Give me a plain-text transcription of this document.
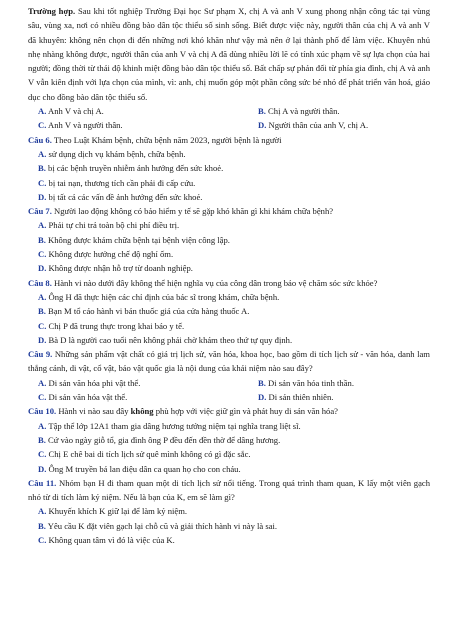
Trường hợp. Sau khi tốt nghiệp Trường Đại học Sư phạm X, chị A và anh V xung phong nhận công tác tại vùng sâu, vùng xa, nơi có nhiều đồng bào dân tộc thiểu số sinh sống. Biết được việc này, người thân của chị A và anh V đã khuyên: không nên chọn đi đến những nơi khó khăn như vậy mà nên ở lại thành phố để làm việc. Khuyên nhủ nhẹ nhàng không được, người thân của anh V và chị A đã dùng nhiều lời lẽ có tính xúc phạm về sự lựa chọn của hai người; đồng thời từ thái độ khinh miệt đồng bào dân tộc thiểu số. Bất chấp sự phản đối từ phía gia đình, chị A và anh V vẫn kiên định với lựa chọn của mình, vì: anh, chị muốn góp một phần công sức bé nhỏ để phát triển văn hoá, giáo dục cho đồng bào dân tộc thiểu số.

A. Anh V và chị A.	B. Chị A và người thân.

C. Anh V và người thân.	D. Người thân của anh V, chị A.

Câu 6. Theo Luật Khám bệnh, chữa bệnh năm 2023, người bệnh là người

A. sử dụng dịch vụ khám bệnh, chữa bệnh.

B. bị các bệnh truyền nhiễm ảnh hưởng đến sức khoẻ.

C. bị tai nạn, thương tích cần phải đi cấp cứu.

D. bị tất cả các vấn đề ảnh hưởng đến sức khoẻ.

Câu 7. Người lao động không có bảo hiểm y tế sẽ gặp khó khăn gì khi khám chữa bệnh?

A. Phải tự chi trả toàn bộ chi phí điều trị.

B. Không được khám chữa bệnh tại bệnh viện công lập.

C. Không được hưởng chế độ nghỉ ốm.

D. Không được nhận hỗ trợ từ doanh nghiệp.

Câu 8. Hành vi nào dưới đây không thể hiện nghĩa vụ của công dân trong bảo vệ chăm sóc sức khỏe?

A. Ông H đã thực hiện các chỉ định của bác sĩ trong khám, chữa bệnh.

B. Bạn M tổ cáo hành vi bán thuốc giả của cửa hàng thuốc A.

C. Chị P đã trung thực trong khai báo y tế.

D. Bà D là người cao tuổi nên không phải chờ khám theo thứ tự quy định.

Câu 9. Những sản phẩm vật chất có giá trị lịch sử, văn hóa, khoa học, bao gồm di tích lịch sử - văn hóa, danh lam thắng cảnh, di vật, cổ vật, bảo vật quốc gia là nội dung của khái niệm nào sau đây?

A. Di sản văn hóa phi vật thể.	B. Di sản văn hóa tinh thần.

C. Di sản văn hóa vật thể.	D. Di sản thiên nhiên.

Câu 10. Hành vi nào sau đây không phù hợp với việc giữ gìn và phát huy di sản văn hóa?

A. Tập thể lớp 12A1 tham gia dâng hương tưởng niệm tại nghĩa trang liệt sĩ.

B. Cứ vào ngày giỗ tổ, gia đình ông P đều đến đền thờ để dâng hương.

C. Chị E chê bai di tích lịch sử quê mình không có gì đặc sắc.

D. Ông M truyền bá lan điệu dân ca quan họ cho con cháu.

Câu 11. Nhóm bạn H đi tham quan một di tích lịch sử nổi tiếng. Trong quá trình tham quan, K lấy một viên gạch nhỏ từ di tích làm kỷ niệm. Nếu là bạn của K, em sẽ làm gì?

A. Khuyến khích K giữ lại để làm kỷ niệm.

B. Yêu cầu K đặt viên gạch lại chỗ cũ và giải thích hành vi này là sai.

C. Không quan tâm vì đó là việc của K.
